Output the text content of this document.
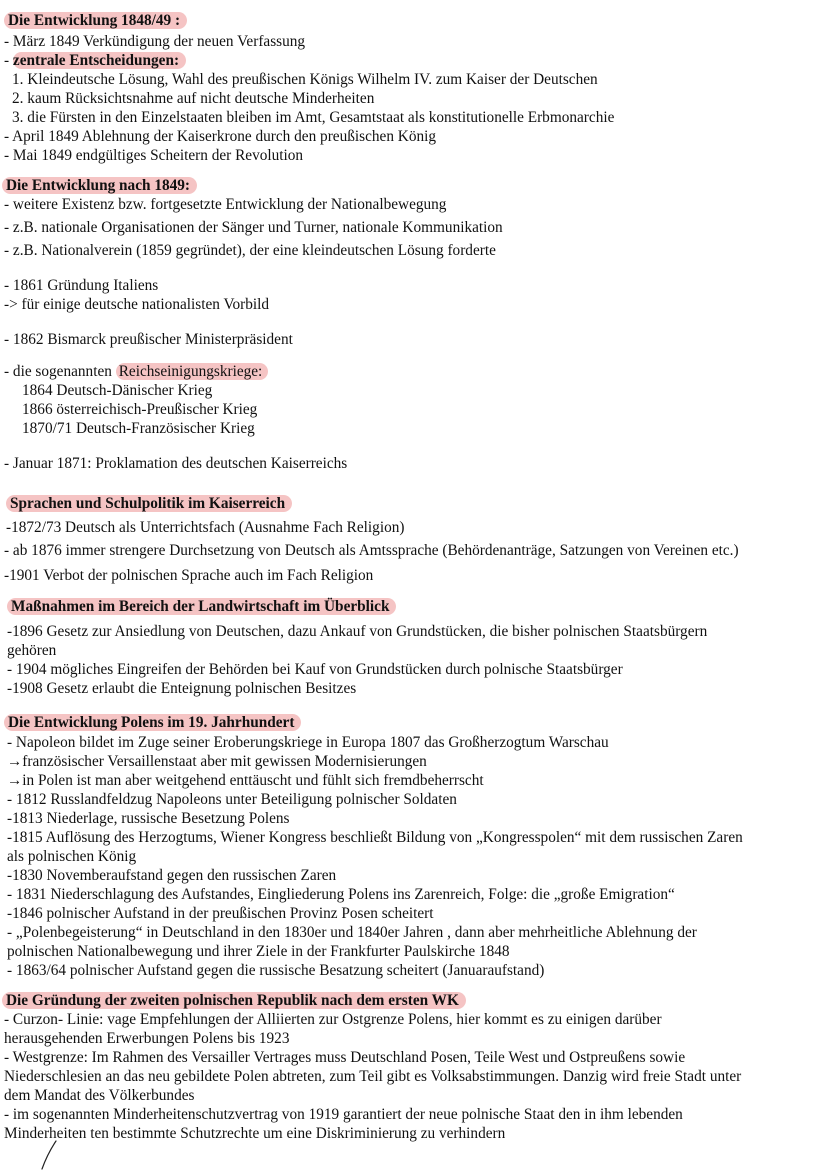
Die Entwicklung 1848/49 :
- März 1849 Verkündigung der neuen Verfassung
- zentrale Entscheidungen:
1. Kleindeutsche Lösung, Wahl des preußischen Königs Wilhelm IV. zum Kaiser der Deutschen
2. kaum Rücksichtsnahme auf nicht deutsche Minderheiten
3. die Fürsten in den Einzelstaaten bleiben im Amt, Gesamtstaat als konstitutionelle Erbmonarchie
- April 1849 Ablehnung der Kaiserkrone durch den preußischen König
- Mai 1849 endgültiges Scheitern der Revolution
Die Entwicklung nach 1849:
- weitere Existenz bzw. fortgesetzte Entwicklung der Nationalbewegung
- z.B. nationale Organisationen der Sänger und Turner, nationale Kommunikation
- z.B. Nationalverein (1859 gegründet), der eine kleindeutschen Lösung forderte
- 1861 Gründung Italiens
-> für einige deutsche nationalisten Vorbild
- 1862 Bismarck preußischer Ministerpräsident
- die sogenannten Reichseinigungskriege:
1864 Deutsch-Dänischer Krieg
1866 österreichisch-Preußischer Krieg
1870/71 Deutsch-Französischer Krieg
- Januar 1871: Proklamation des deutschen Kaiserreichs
Sprachen und Schulpolitik im Kaiserreich
-1872/73 Deutsch als Unterrichtsfach (Ausnahme Fach Religion)
- ab 1876 immer strengere Durchsetzung von Deutsch als Amtssprache (Behördenanträge, Satzungen von Vereinen etc.)
-1901 Verbot der polnischen Sprache auch im Fach Religion
Maßnahmen im Bereich der Landwirtschaft im Überblick
-1896 Gesetz zur Ansiedlung von Deutschen, dazu Ankauf von Grundstücken, die bisher polnischen Staatsbürgern
gehören
- 1904 mögliches Eingreifen der Behörden bei Kauf von Grundstücken durch polnische Staatsbürger
-1908 Gesetz erlaubt die Enteignung polnischen Besitzes
Die Entwicklung Polens im 19. Jahrhundert
- Napoleon bildet im Zuge seiner Eroberungskriege in Europa 1807 das Großherzogtum Warschau
→französischer Versaillenstaat aber mit gewissen Modernisierungen
→in Polen ist man aber weitgehend enttäuscht und fühlt sich fremdbeherrscht
- 1812 Russlandfeldzug Napoleons unter Beteiligung polnischer Soldaten
-1813 Niederlage, russische Besetzung Polens
-1815 Auflösung des Herzogtums, Wiener Kongress beschließt Bildung von „Kongresspolen“ mit dem russischen Zaren
als polnischen König
-1830 Novemberaufstand gegen den russischen Zaren
- 1831 Niederschlagung des Aufstandes, Eingliederung Polens ins Zarenreich, Folge: die „große Emigration“
-1846 polnischer Aufstand in der preußischen Provinz Posen scheitert
- „Polenbegeisterung“ in Deutschland in den 1830er und 1840er Jahren , dann aber mehrheitliche Ablehnung der
polnischen Nationalbewegung und ihrer Ziele in der Frankfurter Paulskirche 1848
- 1863/64 polnischer Aufstand gegen die russische Besatzung scheitert (Januaraufstand)
Die Gründung der zweiten polnischen Republik nach dem ersten WK
- Curzon- Linie: vage Empfehlungen der Alliierten zur Ostgrenze Polens, hier kommt es zu einigen darüber
herausgehenden Erwerbungen Polens bis 1923
- Westgrenze: Im Rahmen des Versailler Vertrages muss Deutschland Posen, Teile West und Ostpreußens sowie
Niederschlesien an das neu gebildete Polen abtreten, zum Teil gibt es Volksabstimmungen. Danzig wird freie Stadt unter
dem Mandat des Völkerbundes
- im sogenannten Minderheitenschutzvertrag von 1919 garantiert der neue polnische Staat den in ihm lebenden
Minderheiten ten bestimmte Schutzrechte um eine Diskriminierung zu verhindern
